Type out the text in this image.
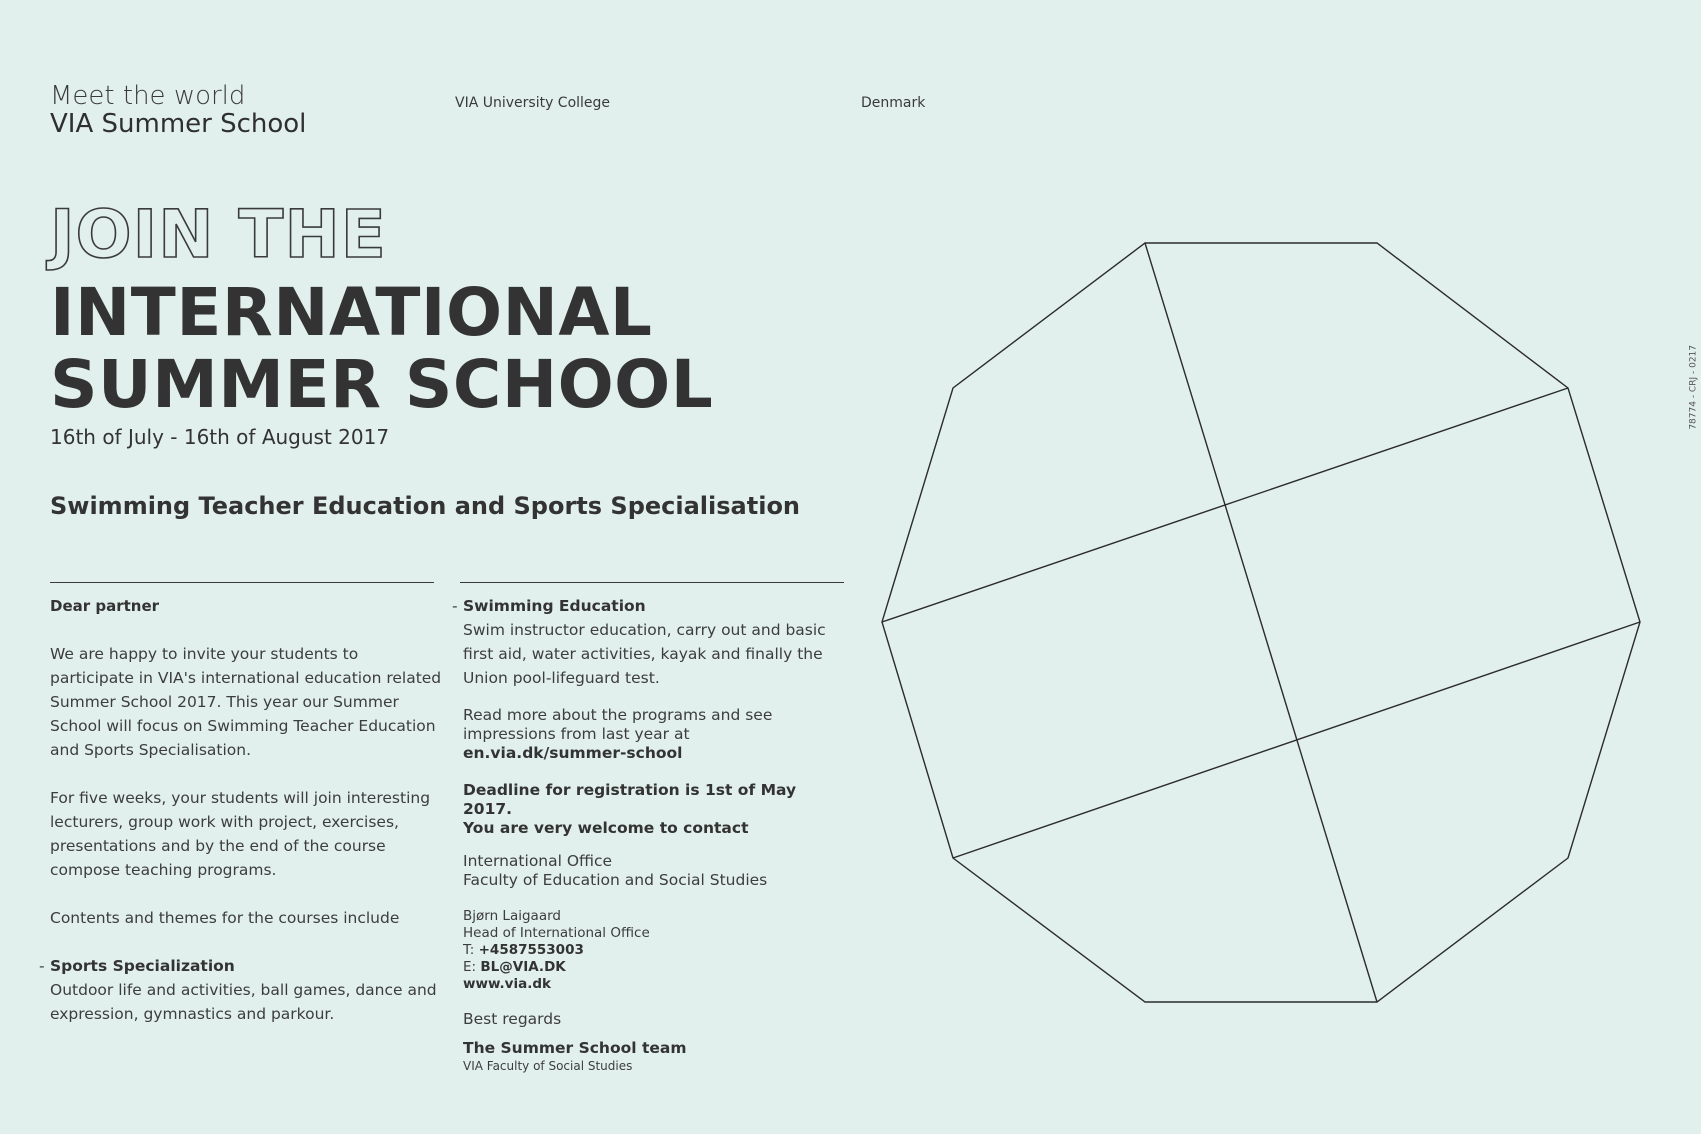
Meet the world
VIA Summer School
VIA University College	Denmark
JOIN THE
INTERNATIONAL
SUMMER SCHOOL
16th of July - 16th of August 2017
Swimming Teacher Education and Sports Specialisation

Dear partner

We are happy to invite your students to participate in VIA's international education related Summer School 2017. This year our Summer School will focus on Swimming Teacher Education and Sports Specialisation.

For five weeks, your students will join interesting lecturers, group work with project, exercises, presentations and by the end of the course compose teaching programs.

Contents and themes for the courses include

- Sports Specialization

Outdoor life and activities, ball games, dance and expression, gymnastics and parkour.

- Swimming Education

Swim instructor education, carry out and basic first aid, water activities, kayak and finally the Union pool-lifeguard test.

Read more about the programs and see impressions from last year at

en.via.dk/summer-school

Deadline for registration is 1st of May 2017.

You are very welcome to contact

International Office

Faculty of Education and Social Studies

Bjørn Laigaard

Head of International Office

T: +4587553003

E: BL@VIA.DK

www.via.dk

Best regards

The Summer School team

VIA Faculty of Social Studies

78774 - CRJ - 0217
